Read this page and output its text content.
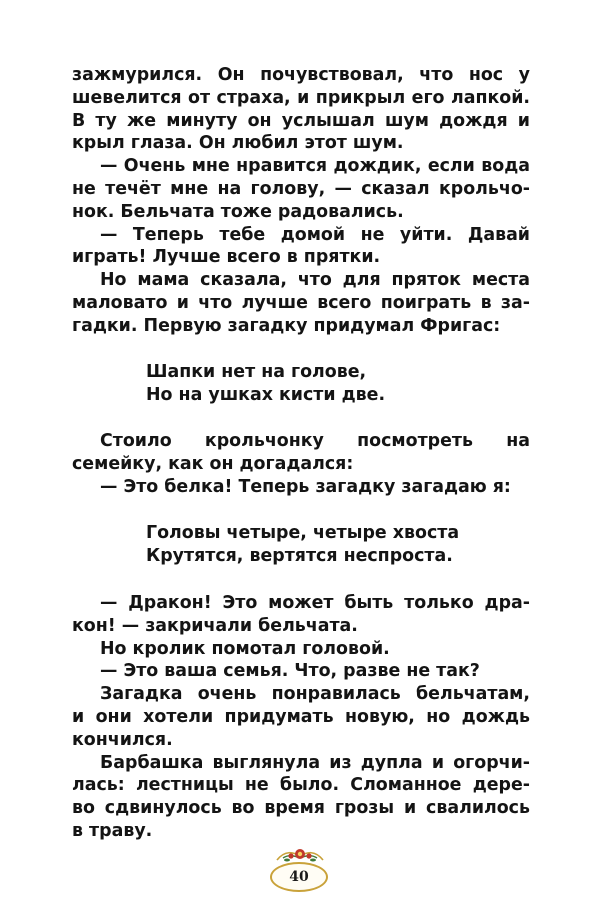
зажмурился. Он почувствовал, что нос у
шевелится от страха, и прикрыл его лапкой.
В ту же минуту он услышал шум дождя и
крыл глаза. Он любил этот шум.
— Очень мне нравится дождик, если вода
не течёт мне на голову, — сказал крольчо-
нок. Бельчата тоже радовались.
— Теперь тебе домой не уйти. Давай
играть! Лучше всего в прятки.
Но мама сказала, что для пряток места
маловато и что лучше всего поиграть в за-
гадки. Первую загадку придумал Фригас:
Шапки нет на голове,
Но на ушках кисти две.
Стоило крольчонку посмотреть на
семейку, как он догадался:
— Это белка! Теперь загадку загадаю я:
Головы четыре, четыре хвоста
Крутятся, вертятся неспроста.
— Дракон! Это может быть только дра-
кон! — закричали бельчата.
Но кролик помотал головой.
— Это ваша семья. Что, разве не так?
Загадка очень понравилась бельчатам,
и они хотели придумать новую, но дождь
кончился.
Барбашка выглянула из дупла и огорчи-
лась: лестницы не было. Сломанное дере-
во сдвинулось во время грозы и свалилось
в траву.
40
